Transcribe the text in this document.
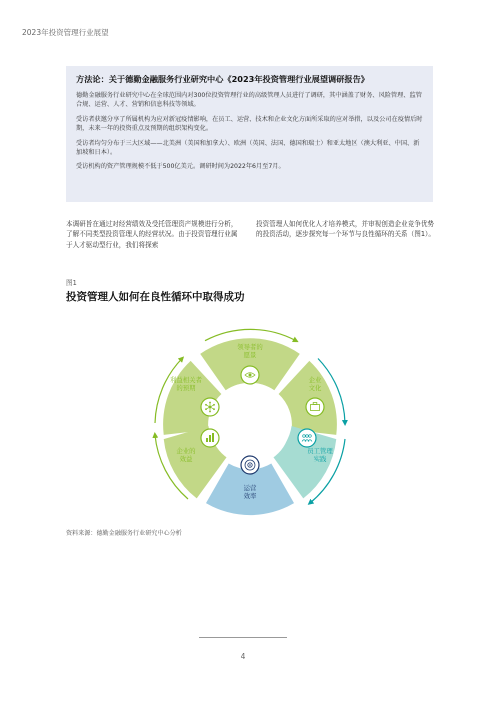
2023年投资管理行业展望
方法论：关于德勤金融服务行业研究中心《2023年投资管理行业展望调研报告》

德勤金融服务行业研究中心在全球范围内对300位投资管理行业的高级管理人员进行了调研，其中涵盖了财务、风险管理、监管合规、运营、人才、营销和信息科技等领域。

受访者获邀分享了所属机构为应对新冠疫情影响，在员工、运营、技术和企业文化方面所采取的应对举措，以及公司在疫情后时期，未来一年的投资重点及预期的组织架构变化。

受访者均匀分布于三大区域——北美洲（美国和加拿大）、欧洲（英国、法国、德国和瑞士）和亚太地区（澳大利亚、中国、新加坡和日本）。

受访机构的资产管理规模不低于500亿美元。调研时间为2022年6月至7月。

本调研旨在通过对经营绩效及受托管理资产规模进行分析，了解不同类型投资管理人的经营状况。由于投资管理行业属于人才驱动型行业，我们将探索
投资管理人如何优化人才培养模式，并审视创造企业竞争优势的投资活动，逐步探究每一个环节与良性循环的关系（图1）。
图1
投资管理人如何在良性循环中取得成功
领导者的
愿景
企业
文化
员工管理
实践
运营
效率
企业的
效益
利益相关者
的预期
资料来源：德勤金融服务行业研究中心分析
4
